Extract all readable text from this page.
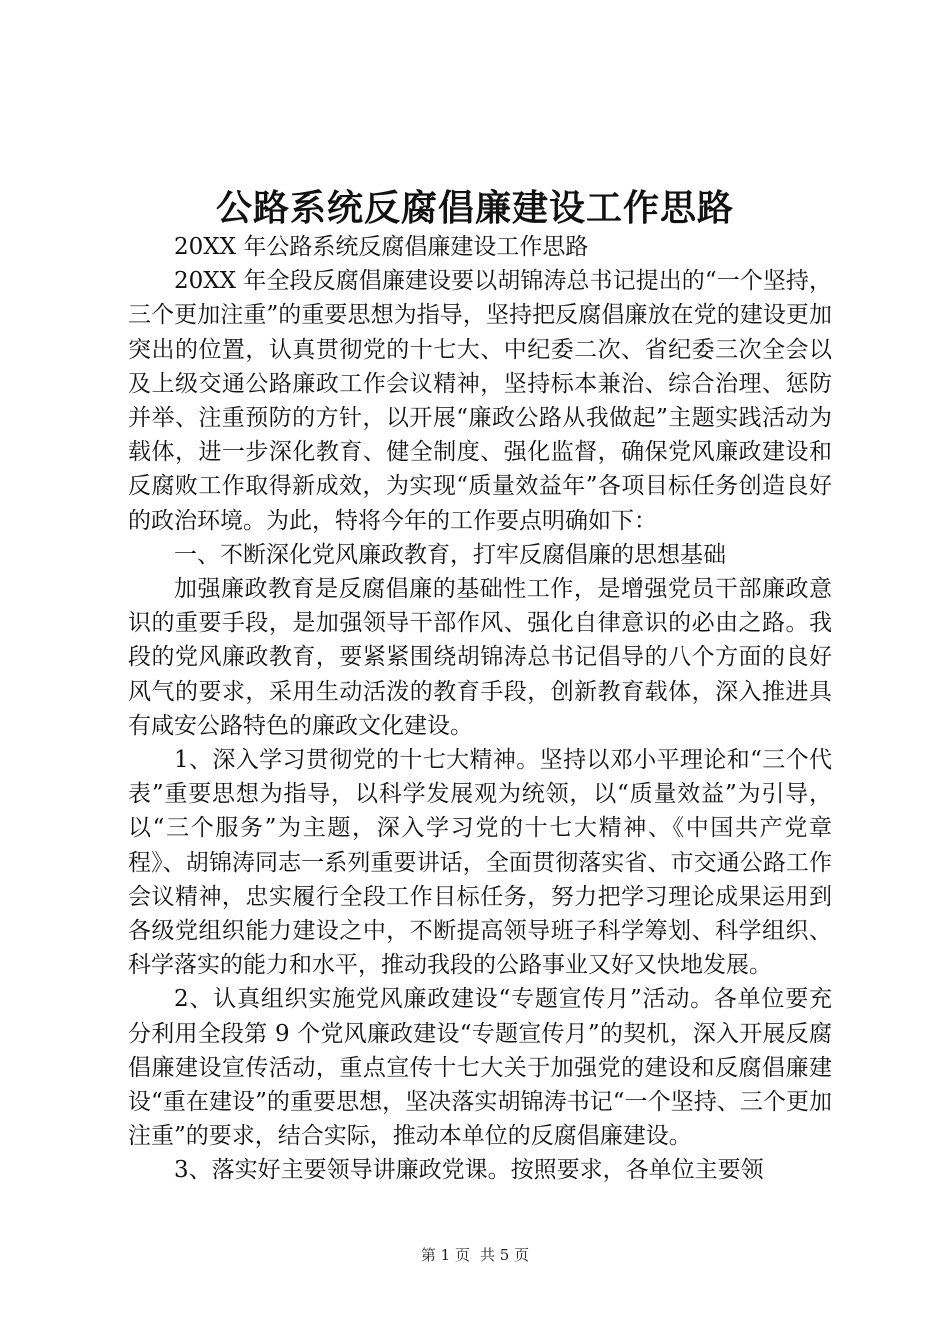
公路系统反腐倡廉建设工作思路

20XX 年公路系统反腐倡廉建设工作思路

20XX 年全段反腐倡廉建设要以胡锦涛总书记提出的“一个坚持，三个更加注重”的重要思想为指导，坚持把反腐倡廉放在党的建设更加突出的位置，认真贯彻党的十七大、中纪委二次、省纪委三次全会以及上级交通公路廉政工作会议精神，坚持标本兼治、综合治理、惩防并举、注重预防的方针，以开展“廉政公路从我做起”主题实践活动为载体，进一步深化教育、健全制度、强化监督，确保党风廉政建设和反腐败工作取得新成效，为实现“质量效益年”各项目标任务创造良好的政治环境。为此，特将今年的工作要点明确如下：

一、不断深化党风廉政教育，打牢反腐倡廉的思想基础

加强廉政教育是反腐倡廉的基础性工作，是增强党员干部廉政意识的重要手段，是加强领导干部作风、强化自律意识的必由之路。我段的党风廉政教育，要紧紧围绕胡锦涛总书记倡导的八个方面的良好风气的要求，采用生动活泼的教育手段，创新教育载体，深入推进具有咸安公路特色的廉政文化建设。

1、深入学习贯彻党的十七大精神。坚持以邓小平理论和“三个代表”重要思想为指导，以科学发展观为统领，以“质量效益”为引导，以“三个服务”为主题，深入学习党的十七大精神、《中国共产党章程》、胡锦涛同志一系列重要讲话，全面贯彻落实省、市交通公路工作会议精神，忠实履行全段工作目标任务，努力把学习理论成果运用到各级党组织能力建设之中，不断提高领导班子科学筹划、科学组织、科学落实的能力和水平，推动我段的公路事业又好又快地发展。

2、认真组织实施党风廉政建设“专题宣传月”活动。各单位要充分利用全段第 9 个党风廉政建设“专题宣传月”的契机，深入开展反腐倡廉建设宣传活动，重点宣传十七大关于加强党的建设和反腐倡廉建设“重在建设”的重要思想，坚决落实胡锦涛书记“一个坚持、三个更加注重”的要求，结合实际，推动本单位的反腐倡廉建设。

3、落实好主要领导讲廉政党课。按照要求，各单位主要领

第 1 页 共 5 页
